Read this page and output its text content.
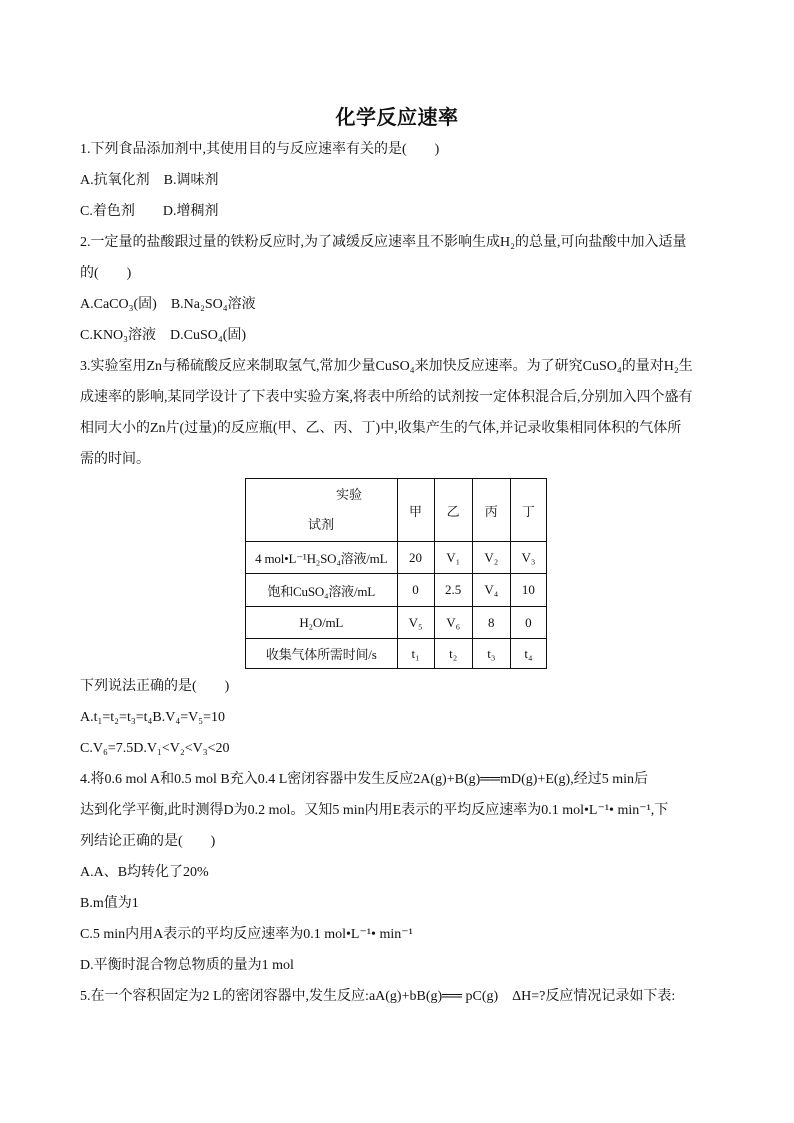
化学反应速率
1.下列食品添加剂中,其使用目的与反应速率有关的是(　　)
A.抗氧化剂　B.调味剂
C.着色剂　　D.增稠剂
2.一定量的盐酸跟过量的铁粉反应时,为了减缓反应速率且不影响生成H₂的总量,可向盐酸中加入适量
的(　　)
A.CaCO₃(固)　B.Na₂SO₄溶液
C.KNO₃溶液　D.CuSO₄(固)
3.实验室用Zn与稀硫酸反应来制取氢气,常加少量CuSO₄来加快反应速率。为了研究CuSO₄的量对H₂生
成速率的影响,某同学设计了下表中实验方案,将表中所给的试剂按一定体积混合后,分别加入四个盛有
相同大小的Zn片(过量)的反应瓶(甲、乙、丙、丁)中,收集产生的气体,并记录收集相同体积的气体所
需的时间。
实验
试剂	甲	乙	丙	丁
4 mol•L⁻¹H₂SO₄溶液/mL	20	V₁	V₂	V₃
饱和CuSO₄溶液/mL	0	2.5	V₄	10
H₂O/mL	V₅	V₆	8	0
收集气体所需时间/s	t₁	t₂	t₃	t₄
下列说法正确的是(　　)
A.t₁=t₂=t₃=t₄B.V₄=V₅=10
C.V₆=7.5D.V₁<V₂<V₃<20
4.将0.6 mol A和0.5 mol B充入0.4 L密闭容器中发生反应2A(g)+B(g)══mD(g)+E(g),经过5 min后
达到化学平衡,此时测得D为0.2 mol。又知5 min内用E表示的平均反应速率为0.1 mol•L⁻¹• min⁻¹,下
列结论正确的是(　　)
A.A、B均转化了20%
B.m值为1
C.5 min内用A表示的平均反应速率为0.1 mol•L⁻¹• min⁻¹
D.平衡时混合物总物质的量为1 mol
5.在一个容积固定为2 L的密闭容器中,发生反应:aA(g)+bB(g)══ pC(g)　ΔH=?反应情况记录如下表:
